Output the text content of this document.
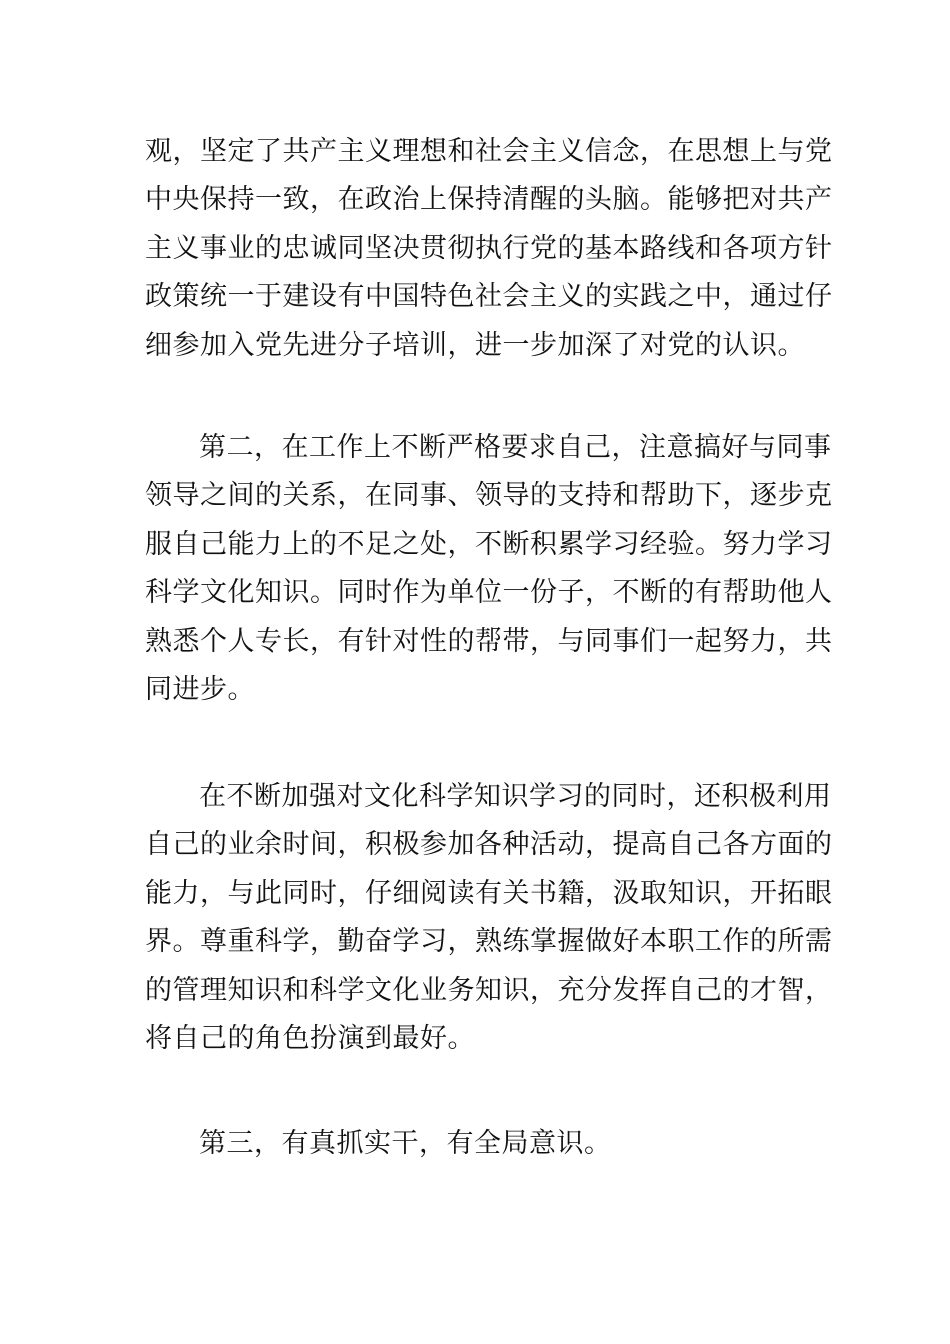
观，坚定了共产主义理想和社会主义信念，在思想上与党
中央保持一致，在政治上保持清醒的头脑。能够把对共产
主义事业的忠诚同坚决贯彻执行党的基本路线和各项方针
政策统一于建设有中国特色社会主义的实践之中，通过仔
细参加入党先进分子培训，进一步加深了对党的认识。
第二，在工作上不断严格要求自己，注意搞好与同事
领导之间的关系，在同事、领导的支持和帮助下，逐步克
服自己能力上的不足之处，不断积累学习经验。努力学习
科学文化知识。同时作为单位一份子，不断的有帮助他人
熟悉个人专长，有针对性的帮带，与同事们一起努力，共
同进步。
在不断加强对文化科学知识学习的同时，还积极利用
自己的业余时间，积极参加各种活动，提高自己各方面的
能力，与此同时，仔细阅读有关书籍，汲取知识，开拓眼
界。尊重科学，勤奋学习，熟练掌握做好本职工作的所需
的管理知识和科学文化业务知识，充分发挥自己的才智，
将自己的角色扮演到最好。
第三，有真抓实干，有全局意识。
